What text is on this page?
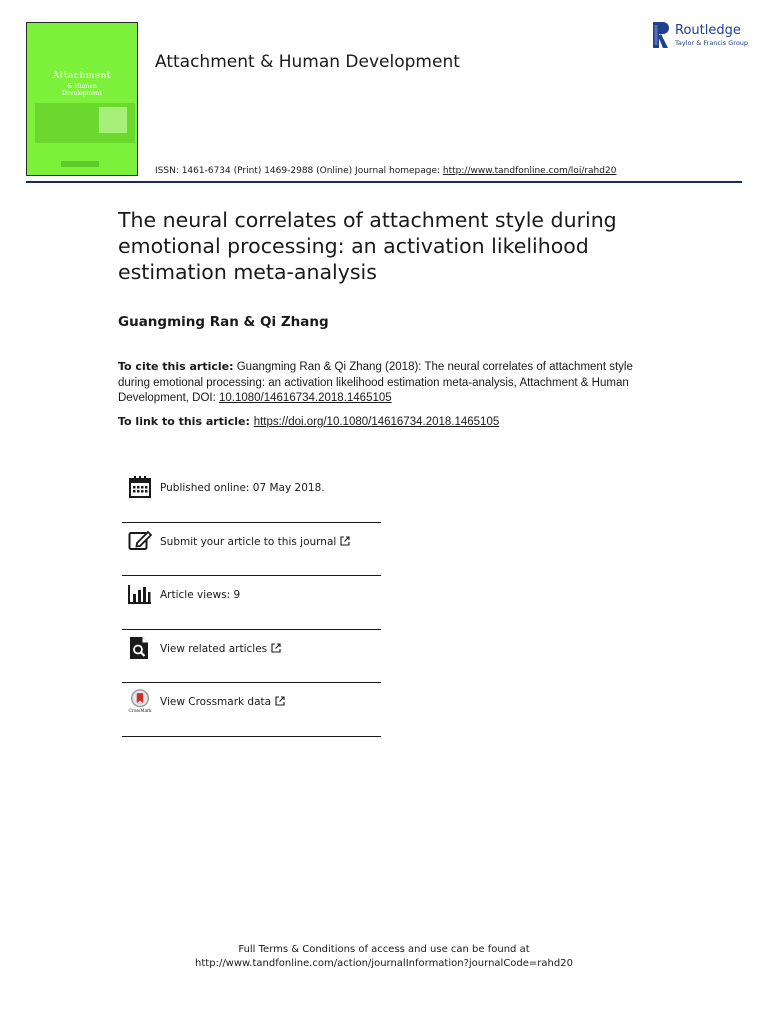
Attachment
& Human
Development
Attachment & Human Development
Routledge
Taylor & Francis Group
ISSN: 1461-6734 (Print) 1469-2988 (Online) Journal homepage: http://www.tandfonline.com/loi/rahd20
The neural correlates of attachment style during emotional processing: an activation likelihood estimation meta-analysis
Guangming Ran & Qi Zhang
To cite this article: Guangming Ran & Qi Zhang (2018): The neural correlates of attachment style during emotional processing: an activation likelihood estimation meta-analysis, Attachment & Human Development, DOI: 10.1080/14616734.2018.1465105
To link to this article: https://doi.org/10.1080/14616734.2018.1465105
Published online: 07 May 2018.
Submit your article to this journal
Article views: 9
View related articles
CrossMark
View Crossmark data
Full Terms & Conditions of access and use can be found at
http://www.tandfonline.com/action/journalInformation?journalCode=rahd20
